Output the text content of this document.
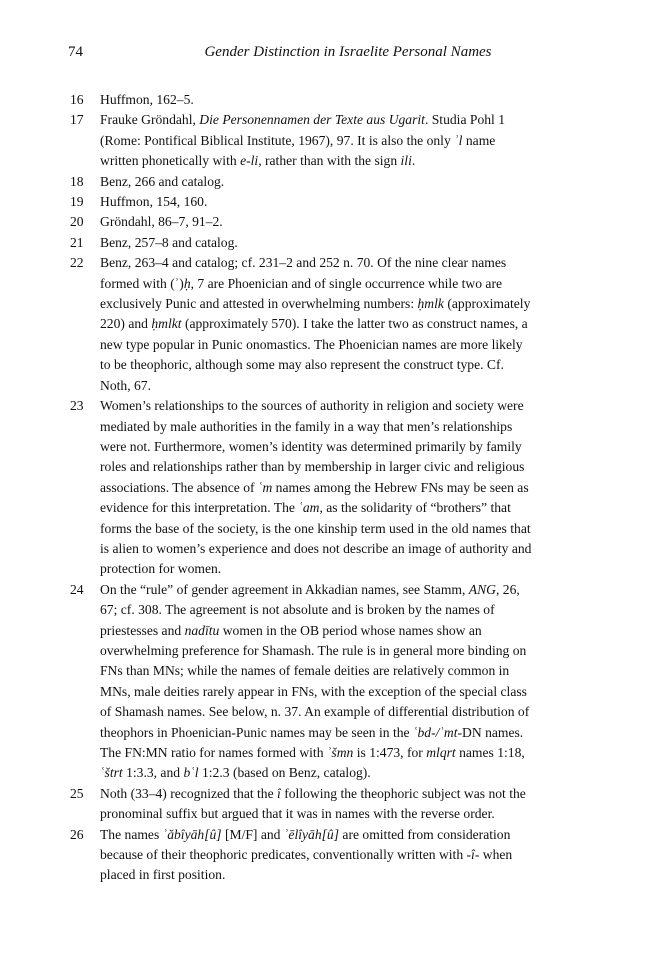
74	Gender Distinction in Israelite Personal Names
16	Huffmon, 162–5.
17	Frauke Gröndahl, Die Personennamen der Texte aus Ugarit. Studia Pohl 1 (Rome: Pontifical Biblical Institute, 1967), 97. It is also the only ʾl name written phonetically with e-li, rather than with the sign ili.
18	Benz, 266 and catalog.
19	Huffmon, 154, 160.
20	Gröndahl, 86–7, 91–2.
21	Benz, 257–8 and catalog.
22	Benz, 263–4 and catalog; cf. 231–2 and 252 n. 70. Of the nine clear names formed with (ʾ)ḥ, 7 are Phoenician and of single occurrence while two are exclusively Punic and attested in overwhelming numbers: ḥmlk (approximately 220) and ḥmlkt (approximately 570). I take the latter two as construct names, a new type popular in Punic onomastics. The Phoenician names are more likely to be theophoric, although some may also represent the construct type. Cf. Noth, 67.
23	Women’s relationships to the sources of authority in religion and society were mediated by male authorities in the family in a way that men’s relationships were not. Furthermore, women’s identity was determined primarily by family roles and relationships rather than by membership in larger civic and religious associations. The absence of ʿm names among the Hebrew FNs may be seen as evidence for this interpretation. The ʿam, as the solidarity of “brothers” that forms the base of the society, is the one kinship term used in the old names that is alien to women’s experience and does not describe an image of authority and protection for women.
24	On the “rule” of gender agreement in Akkadian names, see Stamm, ANG, 26, 67; cf. 308. The agreement is not absolute and is broken by the names of priestesses and nadītu women in the OB period whose names show an overwhelming preference for Shamash. The rule is in general more binding on FNs than MNs; while the names of female deities are relatively common in MNs, male deities rarely appear in FNs, with the exception of the special class of Shamash names. See below, n. 37. An example of differential distribution of theophors in Phoenician-Punic names may be seen in the ʿbd-/ʾmt-DN names. The FN:MN ratio for names formed with ʾšmn is 1:473, for mlqrt names 1:18, ʿštrt 1:3.3, and bʿl 1:2.3 (based on Benz, catalog).
25	Noth (33–4) recognized that the î following the theophoric subject was not the pronominal suffix but argued that it was in names with the reverse order.
26	The names ʾăbîyāh[û] [M/F] and ʾēlîyāh[û] are omitted from consideration because of their theophoric predicates, conventionally written with -î- when placed in first position.
